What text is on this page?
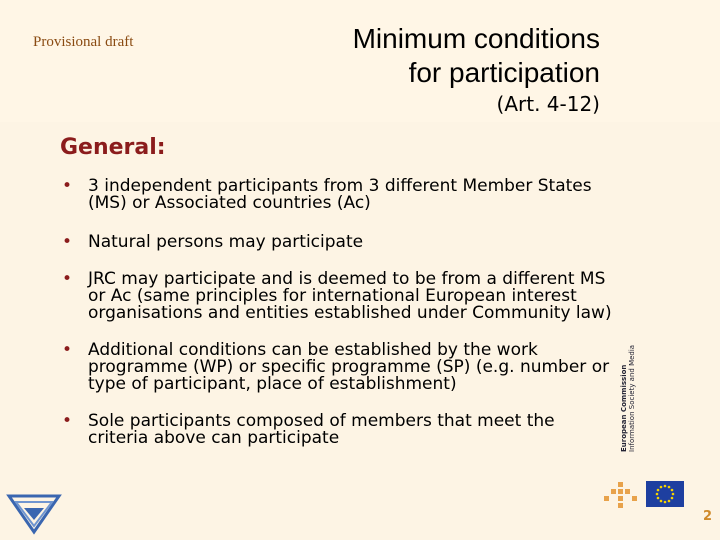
Provisional draft	Minimum conditions
for participation
(Art. 4-12)
General:
• 3 independent participants from 3 different Member States (MS) or Associated countries (Ac)
• Natural persons may participate
• JRC may participate and is deemed to be from a different MS or Ac (same principles for international European interest organisations and entities established under Community law)
• Additional conditions can be established by the work programme (WP) or specific programme (SP) (e.g. number or type of participant, place of establishment)
• Sole participants composed of members that meet the criteria above can participate	European Commission Information Society and Media
2
